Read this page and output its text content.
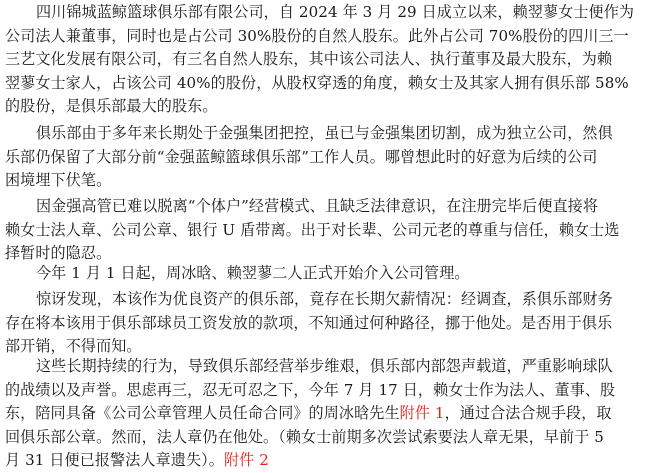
四川锦城蓝鲸篮球俱乐部有限公司，自 2024 年 3 月 29 日成立以来，赖翌蓼女士便作为
公司法人兼董事，同时也是占公司 30%股份的自然人股东。此外占公司 70%股份的四川三一
三艺文化发展有限公司，有三名自然人股东，其中该公司法人、执行董事及最大股东，为赖
翌蓼女士家人，占该公司 40%的股份，从股权穿透的角度，赖女士及其家人拥有俱乐部 58%
的股份，是俱乐部最大的股东。

俱乐部由于多年来长期处于金强集团把控，虽已与金强集团切割，成为独立公司，然俱
乐部仍保留了大部分前“金强蓝鲸篮球俱乐部”工作人员。哪曾想此时的好意为后续的公司
困境埋下伏笔。

因金强高管已难以脱离“个体户”经营模式、且缺乏法律意识，在注册完毕后便直接将
赖女士法人章、公司公章、银行 U 盾带离。出于对长辈、公司元老的尊重与信任，赖女士选
择暂时的隐忍。

今年 1 月 1 日起，周冰晗、赖翌蓼二人正式开始介入公司管理。

惊讶发现，本该作为优良资产的俱乐部，竟存在长期欠薪情况：经调查，系俱乐部财务
存在将本该用于俱乐部球员工资发放的款项，不知通过何种路径，挪于他处。是否用于俱乐
部开销，不得而知。

这些长期持续的行为，导致俱乐部经营举步维艰，俱乐部内部怨声载道，严重影响球队
的战绩以及声誉。思虑再三，忍无可忍之下，今年 7 月 17 日，赖女士作为法人、董事、股
东，陪同具备《公司公章管理人员任命合同》的周冰晗先生附件 1，通过合法合规手段，取
回俱乐部公章。然而，法人章仍在他处。（赖女士前期多次尝试索要法人章无果，早前于 5
月 31 日便已报警法人章遗失）。附件 2
